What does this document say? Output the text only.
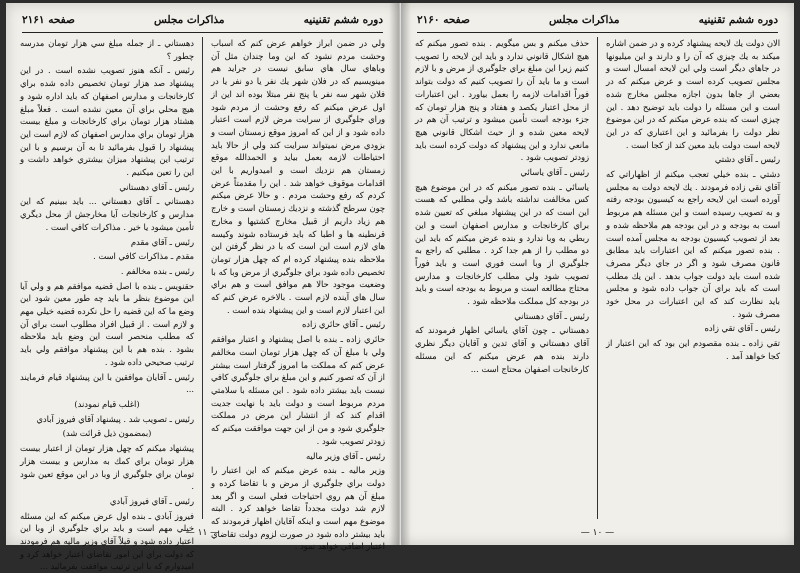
دوره ششم تقنينيه
مذاكرات مجلس
صفحه ۲۱۶۱

ولي در ضمن ابراز خواهم عرض كنم كه اسباب وحشت مردم نشود كه اين وما چندان مثل آن وباهاي سال هاي سابق نيست در جرايد هم مينويسيم كه در فلان شهر يك نفر يا دو نفر يا در فلان شهر سه نفر يا پنج نفر مبتلا بوده اند اين از اول عرض ميكنم كه رفع وحشت از مردم شود وراي جلوگيري از سرايت مرض لازم است اعتبار داده شود و از اين كه امروز موقع زمستان است و بزودي مرض نميتواند سرايت كند ولي از حالا بايد احتياطات لازمه بعمل بيايد و الحمدالله موقع زمستان هم نزديك است و اميدواريم با اين اقدامات موقوف خواهد شد . اين را مقدمتاً عرض كردم كه رفع وحشت مردم . و حالا عرض ميكنم چون سرطح گذشته و نزديك زمستان است و خارج هم زياد داريم از قبيل مخارج كشتيها و مخارج قرنطينه ها و اطبا كه بايد فرستاده شوند وكيسه هاي لازم است اين است كه با در نظر گرفتن اين ملاحظه بنده پيشنهاد كرده ام كه چهل هزار تومان تخصيص داده شود براي جلوگيري از مرض وبا كه با وضعيت موجود حالا هم موافق است و هم براي سال هاي آينده لازم است . بالاخره عرض كنم كه اين اعتبار لازم است و اين پيشنهاد بنده است .

رئيس ـ آقاي حائري زاده

حائري زاده ـ بنده با اصل پيشنهاد و اعتبار موافقم ولي با مبلغ آن كه چهل هزار تومان است مخالفم عرض كنم كه مملكت ما امروز گرفتار است بيشتر از آن كه تصور كنيم و اين مبلغ براي جلوگيري كافي نيست بايد بيشتر داده شود . اين مسئله با سلامتي مردم مربوط است و دولت بايد با نهايت جديت اقدام كند كه از انتشار اين مرض در مملكت جلوگيري شود و من از اين جهت موافقت ميكنم كه زودتر تصويب شود .

رئيس ـ آقاي وزير ماليه

وزير ماليه ـ بنده عرض ميكنم كه اين اعتبار را دولت براي جلوگيري از مرض و با تقاضا كرده و مبلغ آن هم روي احتياجات فعلي است و اگر بعد لازم شد دولت مجدداً تقاضا خواهد كرد . البته موضوع مهم است و اينكه آقايان اظهار فرمودند كه بايد بيشتر داده شود در صورت لزوم دولت تقاضاي اعتبار اضافي خواهد نمود .

دهستاني ـ از جمله مبلغ سي هزار تومان مدرسه چطور ؟

رئيس ـ آنكه هنوز تصويب نشده است . در اين پيشنهاد صد هزار تومان تخصيص داده شده براي كارخانجات و مدارس اصفهان كه بايد اداره شود و هيچ محلي براي آن معين نشده است . فعلاً مبلغ هشتاد هزار تومان براي كارخانجات و مبلغ بيست هزار تومان براي مدارس اصفهان كه لازم است اين پيشنهاد را قبول بفرمائيد تا به آن برسيم و با اين ترتيب اين پيشنهاد ميزان بيشتري خواهد داشت و اين را تعين ميكنيم .

رئيس ـ آقاي دهستاني

دهستاني ـ آقاي دهستاني ... بايد ببينيم كه اين مدارس و كارخانجات آيا مخارجش از محل ديگري تأمين ميشود يا خير . مذاكرات كافي است .

رئيس ـ آقاي مقدم

مقدم ـ مذاكرات كافي است .

رئيس ـ بنده مخالفم .

حقنويس ـ بنده با اصل قضيه موافقم هم و ولي آيا اين موضوع بنظر ما بايد چه طور معين شود اين وضع ما كه اين قضيه را حل نكرده قضيه خيلي مهم و لازم است . از قبيل افراد مطلوب است براي آن كه مطلب منحصر است اين وضع بايد ملاحظه بشود . بنده هم با اين پيشنهاد موافقم ولي بايد ترتيب صحيحي داده شود .

رئيس ـ آقايان موافقين با اين پيشنهاد قيام فرمايند ...

(اغلب قيام نمودند)

رئيس ـ تصويب شد . پيشنهاد آقاي فيروز آبادي

(بمضمون ذيل قرائت شد)

پيشنهاد ميكنم كه چهل هزار تومان از اعتبار بيست هزار تومان براي كمك به مدارس و بيست هزار تومان براي جلوگيري از وبا در اين موقع تعين شود .

رئيس ـ آقاي فيروز آبادي

فيروز آبادي ـ بنده اول عرض ميكنم كه اين مسئله خيلي مهم است و بايد براي جلوگيري از وبا اين اعتبار داده شود و قبلاً آقاي وزير ماليه هم فرمودند كه دولت براي اين امور تقاضاي اعتبار خواهد كرد و اميدوارم كه با اين ترتيب موافقت بفرمائيد ...

— ۱۱ —
دوره ششم تقنينيه
مذاكرات مجلس
صفحه ۲۱۶۰

الان دولت يك لايحه پيشنهاد كرده و در ضمن اشاره ميكند به يك چيزي كه آن را و دارند و اين ميليونها در جاهاي ديگر است ولي اين لايحه امسال است و مجلس تصويب كرده است و عرض ميكنم كه در بعضي از جاها بدون اجازه مجلس مخارج شده است و اين مسئله را دولت بايد توضيح دهد . اين چيزي است كه بنده عرض ميكنم كه در اين موضوع نظر دولت را بفرمائيد و اين اعتباري كه در اين لايحه است دولت بايد معين كند از كجا است .

رئيس ـ آقاي دشتي

دشتي ـ بنده خيلي تعجب ميكنم از اظهاراتي كه آقاي نقي زاده فرمودند . يك لايحه دولت به مجلس آورده است اين لايحه راجع به كيسيون بودجه رفته و به تصويب رسيده است و اين مسئله هم مربوط است به بودجه و در اين بودجه هم ملاحظه شده و بعد از تصويب كيسيون بودجه به مجلس آمده است . بنده تصور ميكنم كه اين اعتبارات بايد مطابق قانون مصرف شود و اگر در جاي ديگر مصرف شده است بايد دولت جواب بدهد . اين يك مطلب است كه بايد براي آن جواب داده شود و مجلس بايد نظارت كند كه اين اعتبارات در محل خود مصرف شود .

رئيس ـ آقاي تقي زاده

تقي زاده ـ بنده مقصودم اين بود كه اين اعتبار از كجا خواهد آمد .

حذف ميكنم و بس ميگويم . بنده تصور ميكنم كه هيچ اشكال قانوني ندارد و بايد اين لايحه را تصويب كنيم زيرا اين مبلغ براي جلوگيري از مرض و با لازم است و ما بايد آن را تصويب كنيم كه دولت بتواند فوراً اقدامات لازمه را بعمل بياورد . اين اعتبارات از محل اعتبار يكصد و هفتاد و پنج هزار تومان كه جزء بودجه است تأمين ميشود و ترتيب آن هم در لايحه معين شده و از حيث اشكال قانوني هيچ مانعي ندارد و اين پيشنهاد كه دولت كرده است بايد زودتر تصويب شود .

رئيس ـ آقاي ياسائي

ياسائي ـ بنده تصور ميكنم كه در اين موضوع هيچ كس مخالفت نداشته باشد ولي مطلبي كه هست اين است كه در اين پيشنهاد مبلغي كه تعيين شده براي كارخانجات و مدارس اصفهان است و اين ربطي به وبا ندارد و بنده عرض ميكنم كه بايد اين دو مطلب را از هم جدا كرد . مطلبي كه راجع به جلوگيري از وبا است فوري است و بايد فوراً تصويب شود ولي مطلب كارخانجات و مدارس محتاج مطالعه است و مربوط به بودجه است و بايد در بودجه كل مملكت ملاحظه شود .

رئيس ـ آقاي دهستاني

دهستاني ـ چون آقاي ياسائي اظهار فرمودند كه آقاي دهستاني و آقاي تدين و آقايان ديگر نظري دارند بنده هم عرض ميكنم كه اين مسئله كارخانجات اصفهان محتاج است ...

— ۱۰ —
